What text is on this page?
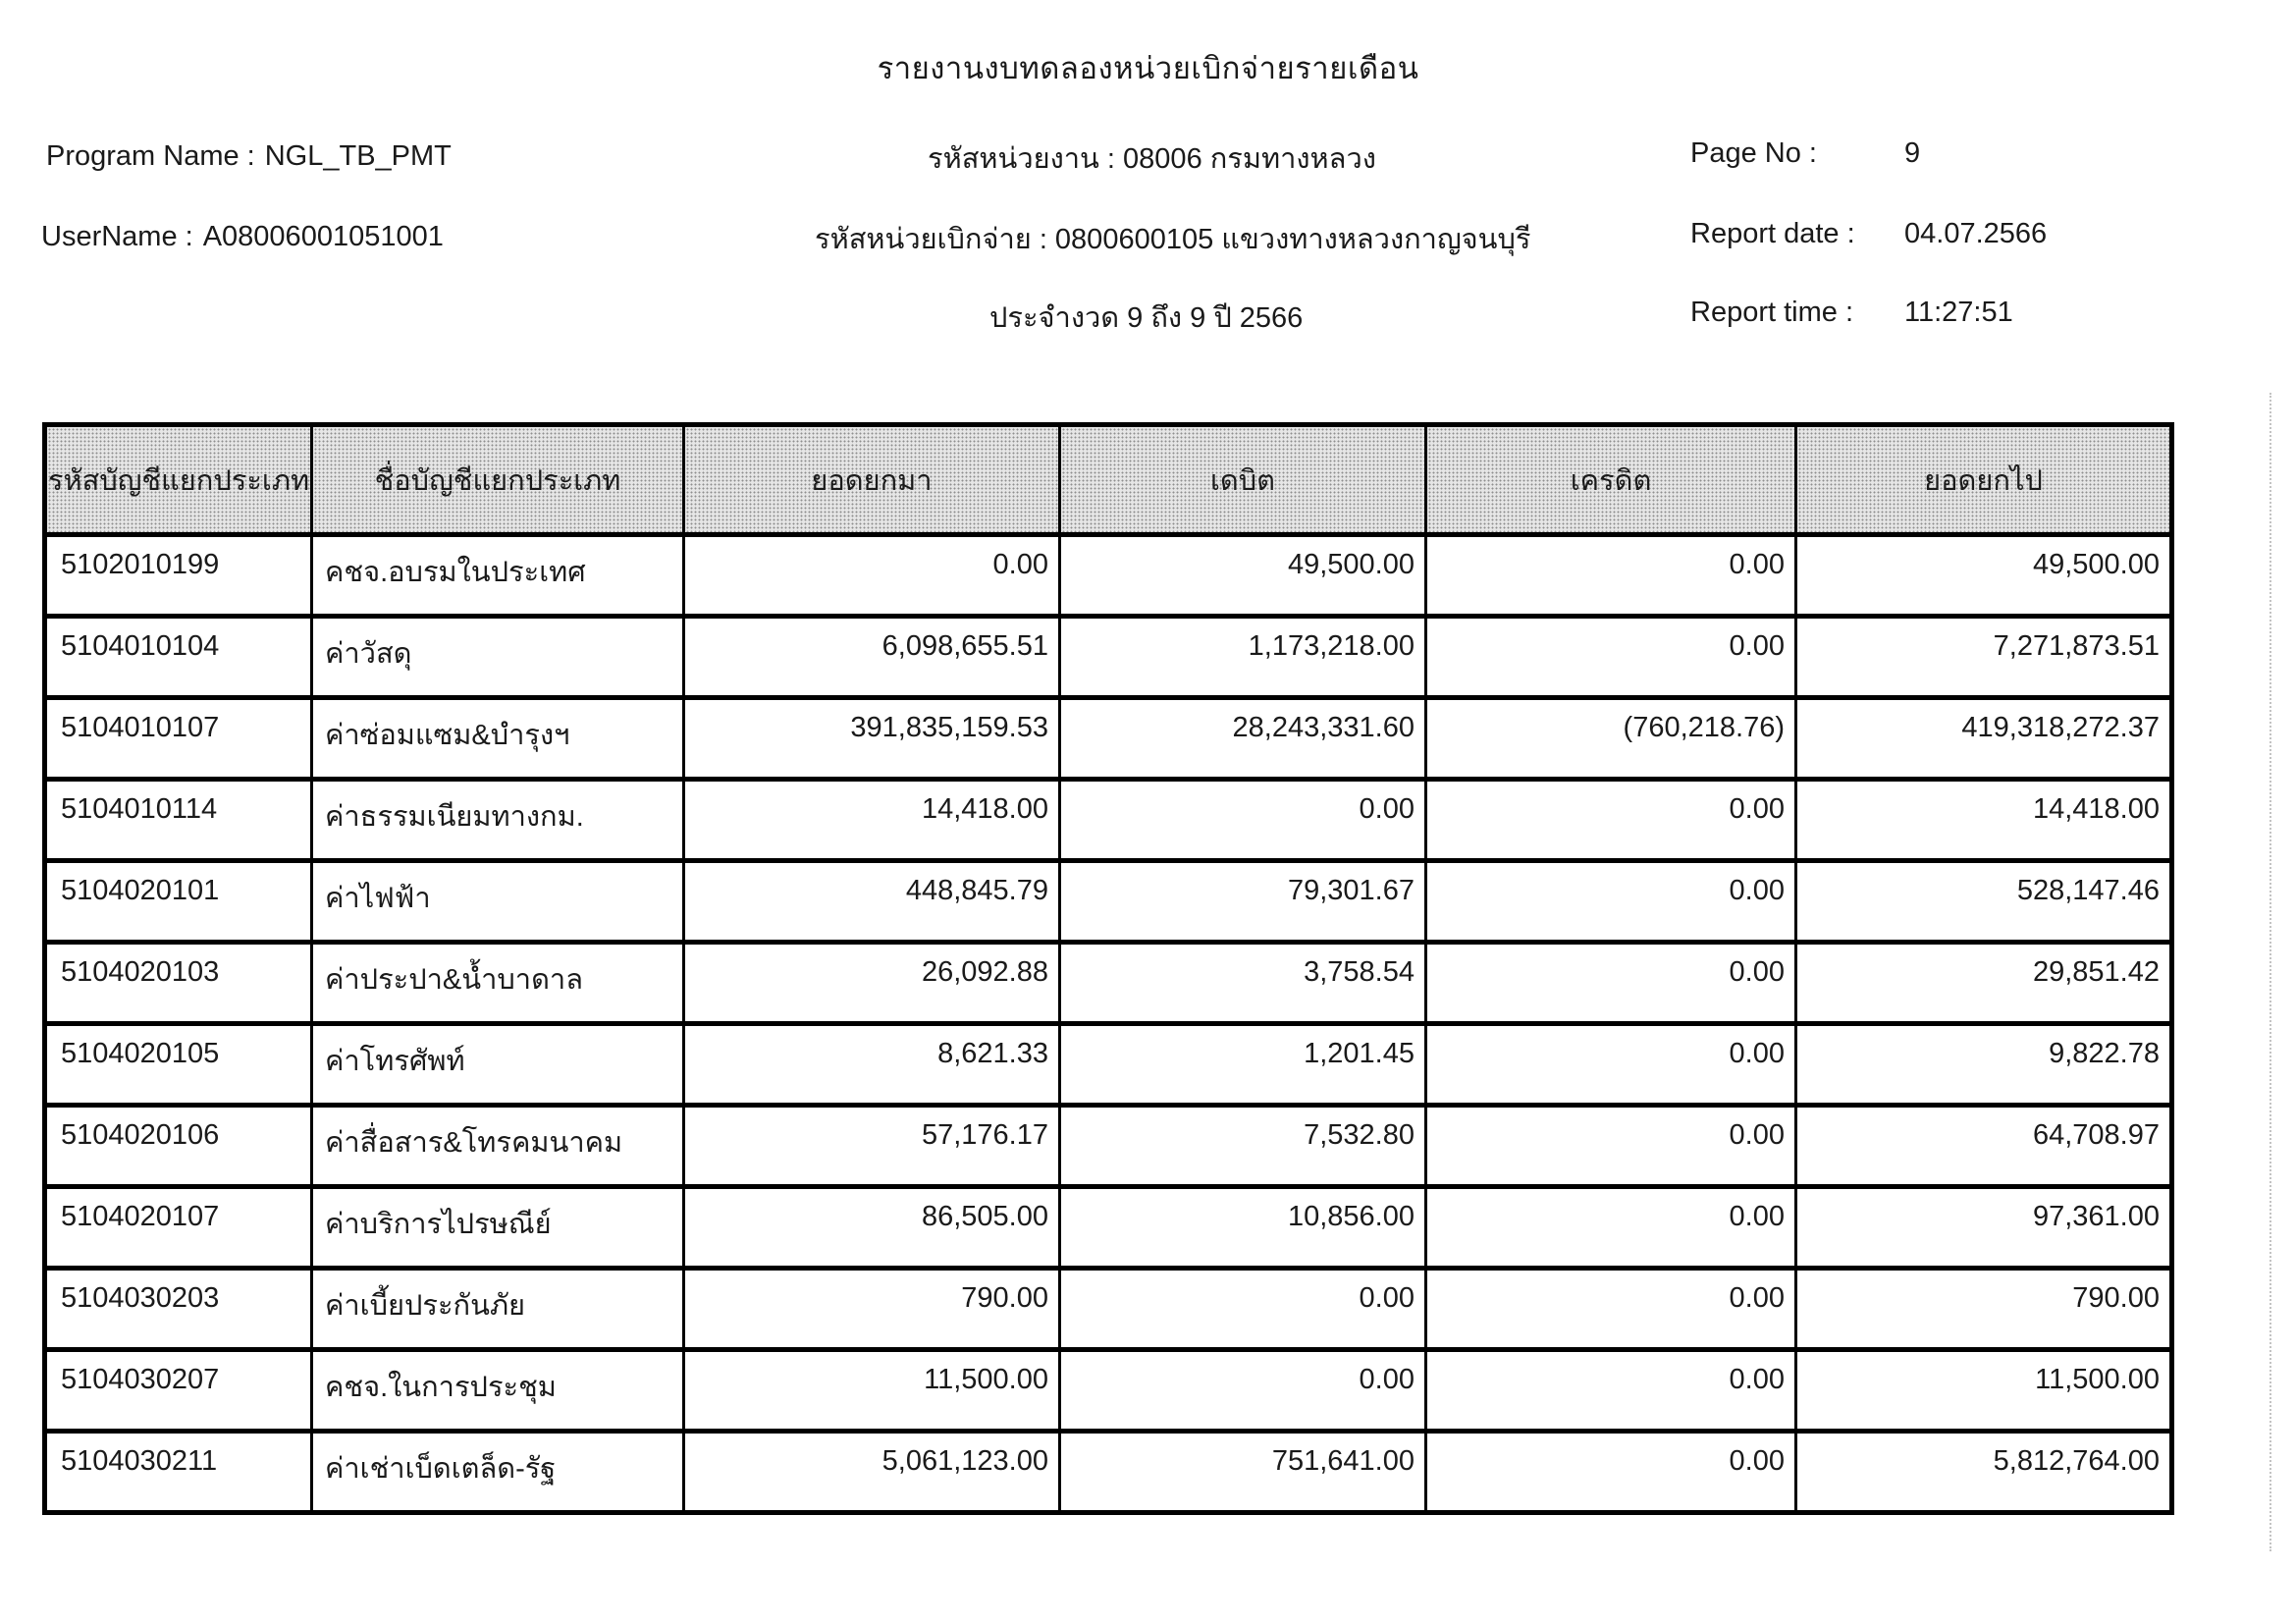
รายงานงบทดลองหน่วยเบิกจ่ายรายเดือน
Program Name : NGL_TB_PMT
UserName : A08006001051001
รหัสหน่วยงาน : 08006 กรมทางหลวง
รหัสหน่วยเบิกจ่าย : 0800600105 แขวงทางหลวงกาญจนบุรี
ประจำงวด 9 ถึง 9 ปี 2566
Page No :	9
Report date : 04.07.2566
Report time : 11:27:51
รหัสบัญชีแยกประเภท	ชื่อบัญชีแยกประเภท	ยอดยกมา	เดบิต	เครดิต	ยอดยกไป
5102010199	คชจ.อบรมในประเทศ	0.00	49,500.00	0.00	49,500.00
5104010104	ค่าวัสดุ	6,098,655.51	1,173,218.00	0.00	7,271,873.51
5104010107	ค่าซ่อมแซม&บำรุงฯ	391,835,159.53	28,243,331.60	(760,218.76)	419,318,272.37
5104010114	ค่าธรรมเนียมทางกม.	14,418.00	0.00	0.00	14,418.00
5104020101	ค่าไฟฟ้า	448,845.79	79,301.67	0.00	528,147.46
5104020103	ค่าประปา&น้ำบาดาล	26,092.88	3,758.54	0.00	29,851.42
5104020105	ค่าโทรศัพท์	8,621.33	1,201.45	0.00	9,822.78
5104020106	ค่าสื่อสาร&โทรคมนาคม	57,176.17	7,532.80	0.00	64,708.97
5104020107	ค่าบริการไปรษณีย์	86,505.00	10,856.00	0.00	97,361.00
5104030203	ค่าเบี้ยประกันภัย	790.00	0.00	0.00	790.00
5104030207	คชจ.ในการประชุม	11,500.00	0.00	0.00	11,500.00
5104030211	ค่าเช่าเบ็ดเตล็ด-รัฐ	5,061,123.00	751,641.00	0.00	5,812,764.00
